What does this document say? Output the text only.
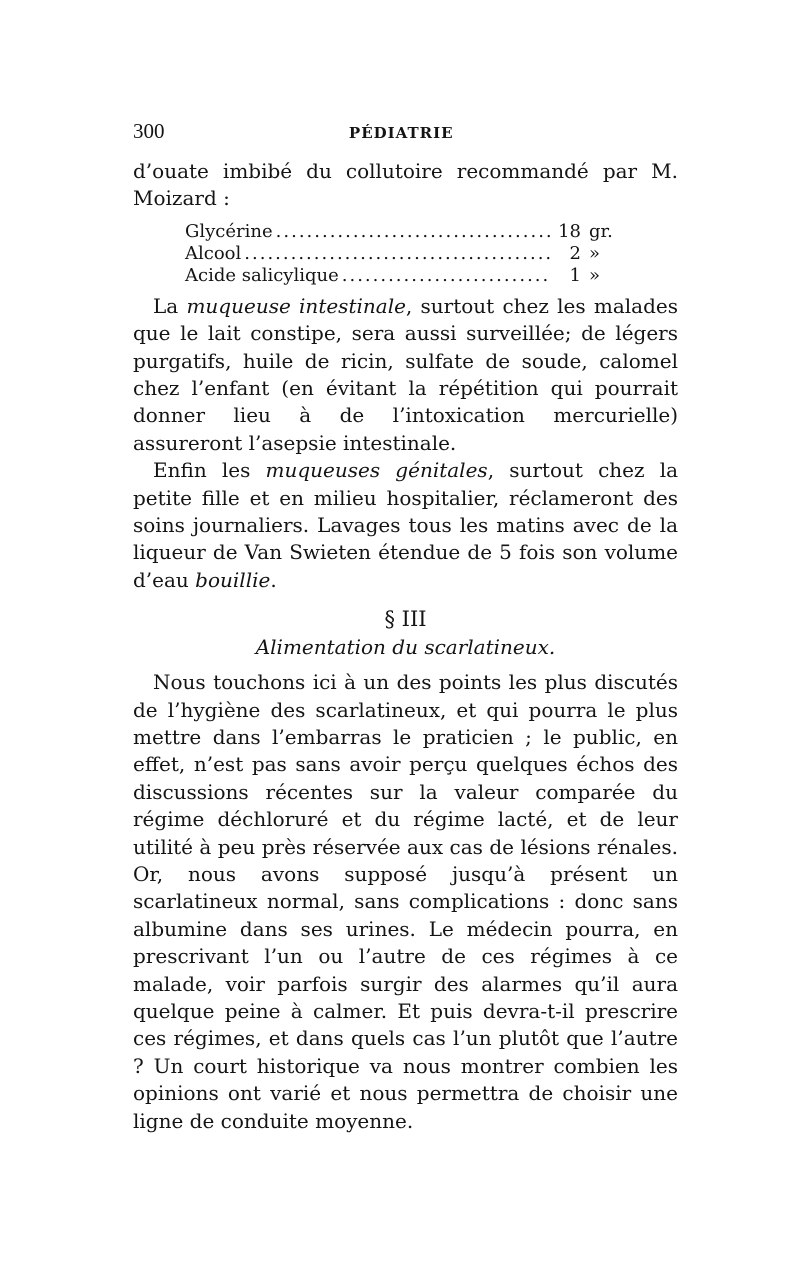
300	PÉDIATRIE

d’ouate imbibé du collutoire recommandé par M. Moizard :

Glycérine .....	18 gr.
Alcool .....	2 »
Acide salicylique .....	1 »

La muqueuse intestinale, surtout chez les malades que le lait constipe, sera aussi surveillée; de légers purgatifs, huile de ricin, sulfate de soude, calomel chez l’enfant (en évitant la répétition qui pourrait donner lieu à de l’intoxication mercurielle) assureront l’asepsie intestinale.

Enfin les muqueuses génitales, surtout chez la petite fille et en milieu hospitalier, réclameront des soins journaliers. Lavages tous les matins avec de la liqueur de Van Swieten étendue de 5 fois son volume d’eau bouillie.

§ III
Alimentation du scarlatineux.

Nous touchons ici à un des points les plus discutés de l’hygiène des scarlatineux, et qui pourra le plus mettre dans l’embarras le praticien ; le public, en effet, n’est pas sans avoir perçu quelques échos des discussions récentes sur la valeur comparée du régime déchloruré et du régime lacté, et de leur utilité à peu près réservée aux cas de lésions rénales. Or, nous avons supposé jusqu’à présent un scarlatineux normal, sans complications : donc sans albumine dans ses urines. Le médecin pourra, en prescrivant l’un ou l’autre de ces régimes à ce malade, voir parfois surgir des alarmes qu’il aura quelque peine à calmer. Et puis devra-t-il prescrire ces régimes, et dans quels cas l’un plutôt que l’autre ? Un court historique va nous montrer combien les opinions ont varié et nous permettra de choisir une ligne de conduite moyenne.
